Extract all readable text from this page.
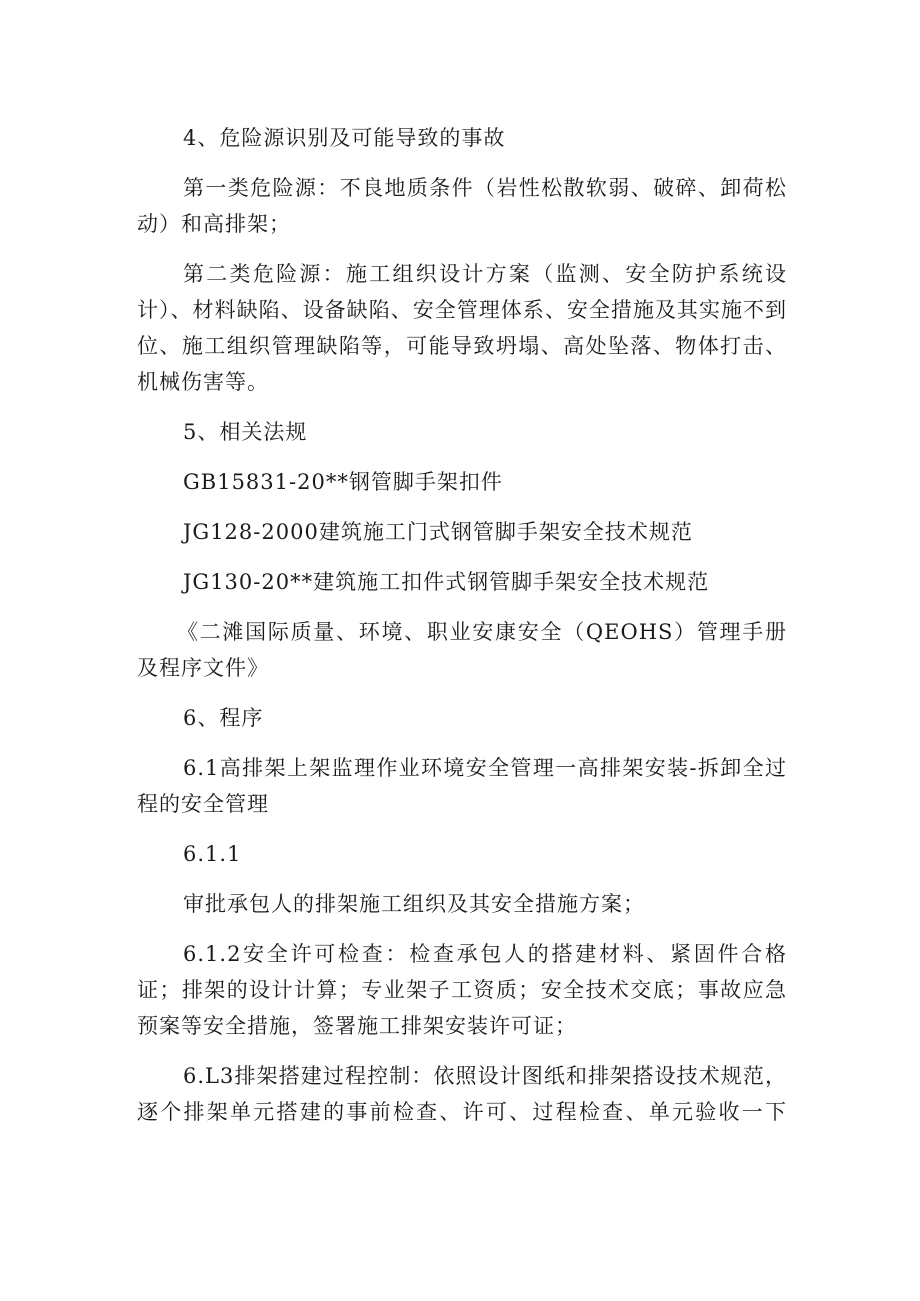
4、危险源识别及可能导致的事故

第一类危险源：不良地质条件（岩性松散软弱、破碎、卸荷松动）和高排架；

第二类危险源：施工组织设计方案（监测、安全防护系统设计）、材料缺陷、设备缺陷、安全管理体系、安全措施及其实施不到位、施工组织管理缺陷等，可能导致坍塌、高处坠落、物体打击、机械伤害等。

5、相关法规

GB15831-20**钢管脚手架扣件

JG128-2000建筑施工门式钢管脚手架安全技术规范

JG130-20**建筑施工扣件式钢管脚手架安全技术规范

《二滩国际质量、环境、职业安康安全（QEOHS）管理手册及程序文件》

6、程序

6.1高排架上架监理作业环境安全管理一高排架安装-拆卸全过程的安全管理

6.1.1

审批承包人的排架施工组织及其安全措施方案；

6.1.2安全许可检查：检查承包人的搭建材料、紧固件合格证；排架的设计计算；专业架子工资质；安全技术交底；事故应急预案等安全措施，签署施工排架安装许可证；

6.L3排架搭建过程控制：依照设计图纸和排架搭设技术规范，逐个排架单元搭建的事前检查、许可、过程检查、单元验收一下
